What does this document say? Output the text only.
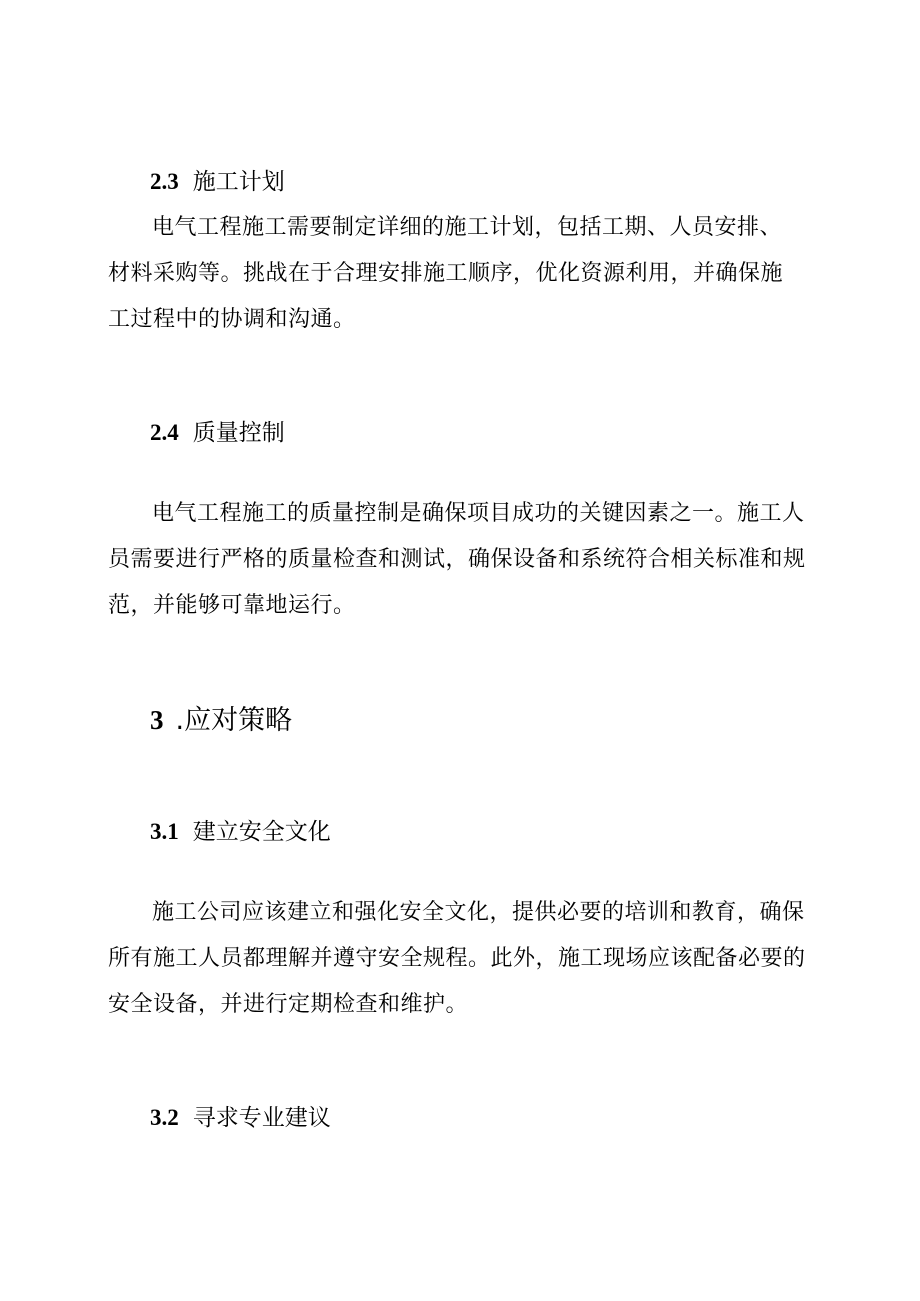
2.3 施工计划

电气工程施工需要制定详细的施工计划，包括工期、人员安排、
材料采购等。挑战在于合理安排施工顺序，优化资源利用，并确保施
工过程中的协调和沟通。

2.4 质量控制

电气工程施工的质量控制是确保项目成功的关键因素之一。施工人
员需要进行严格的质量检查和测试，确保设备和系统符合相关标准和规
范，并能够可靠地运行。

3 .应对策略
3.1 建立安全文化

施工公司应该建立和强化安全文化，提供必要的培训和教育，确保
所有施工人员都理解并遵守安全规程。此外，施工现场应该配备必要的
安全设备，并进行定期检查和维护。

3.2 寻求专业建议
